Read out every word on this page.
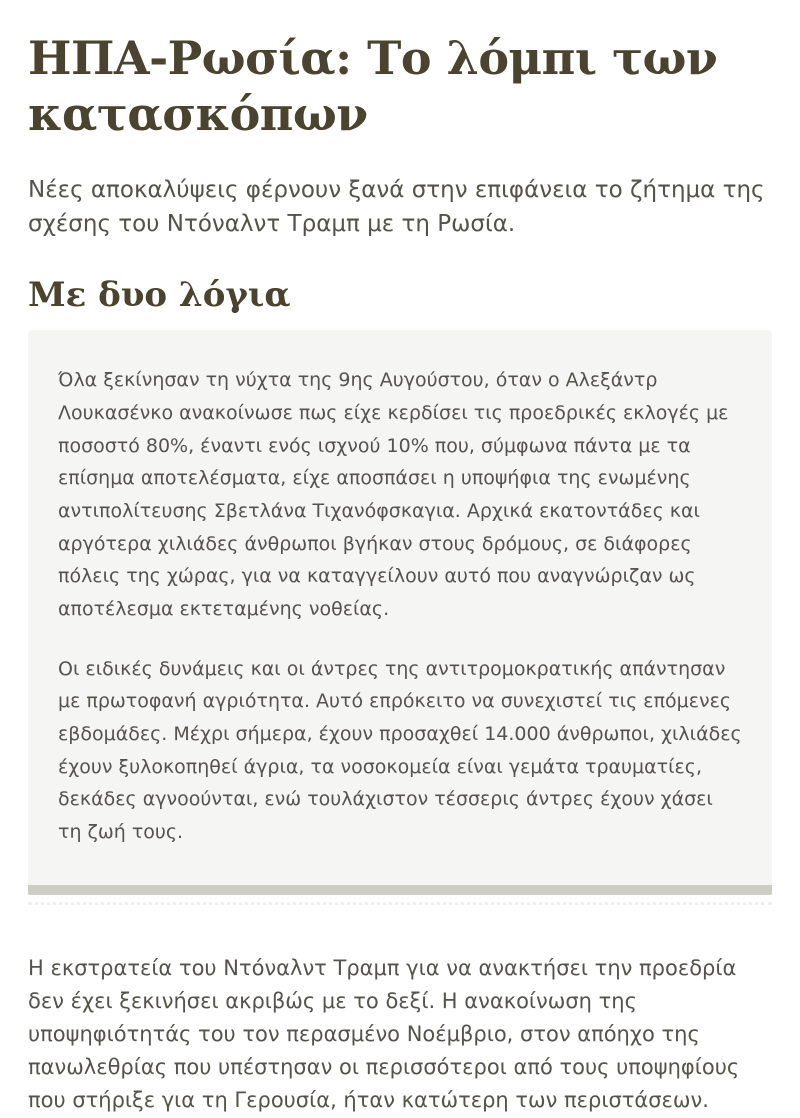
ΗΠΑ-Ρωσία: Το λόμπι των κατασκόπων

Νέες αποκαλύψεις φέρνουν ξανά στην επιφάνεια το ζήτημα της σχέσης του Ντόναλντ Τραμπ με τη Ρωσία.

Με δυο λόγια

Όλα ξεκίνησαν τη νύχτα της 9ης Αυγούστου, όταν ο Αλεξάντρ Λουκασένκο ανακοίνωσε πως είχε κερδίσει τις προεδρικές εκλογές με ποσοστό 80%, έναντι ενός ισχνού 10% που, σύμφωνα πάντα με τα επίσημα αποτελέσματα, είχε αποσπάσει η υποψήφια της ενωμένης αντιπολίτευσης Σβετλάνα Τιχανόφσκαγια. Αρχικά εκατοντάδες και αργότερα χιλιάδες άνθρωποι βγήκαν στους δρόμους, σε διάφορες πόλεις της χώρας, για να καταγγείλουν αυτό που αναγνώριζαν ως αποτέλεσμα εκτεταμένης νοθείας.

Οι ειδικές δυνάμεις και οι άντρες της αντιτρομοκρατικής απάντησαν με πρωτοφανή αγριότητα. Αυτό επρόκειτο να συνεχιστεί τις επόμενες εβδομάδες. Μέχρι σήμερα, έχουν προσαχθεί 14.000 άνθρωποι, χιλιάδες έχουν ξυλοκοπηθεί άγρια, τα νοσοκομεία είναι γεμάτα τραυματίες, δεκάδες αγνοούνται, ενώ τουλάχιστον τέσσερις άντρες έχουν χάσει τη ζωή τους.

Η εκστρατεία του Ντόναλντ Τραμπ για να ανακτήσει την προεδρία δεν έχει ξεκινήσει ακριβώς με το δεξί. Η ανακοίνωση της υποψηφιότητάς του τον περασμένο Νοέμβριο, στον απόηχο της πανωλεθρίας που υπέστησαν οι περισσότεροι από τους υποψηφίους που στήριξε για τη Γερουσία, ήταν κατώτερη των περιστάσεων.
